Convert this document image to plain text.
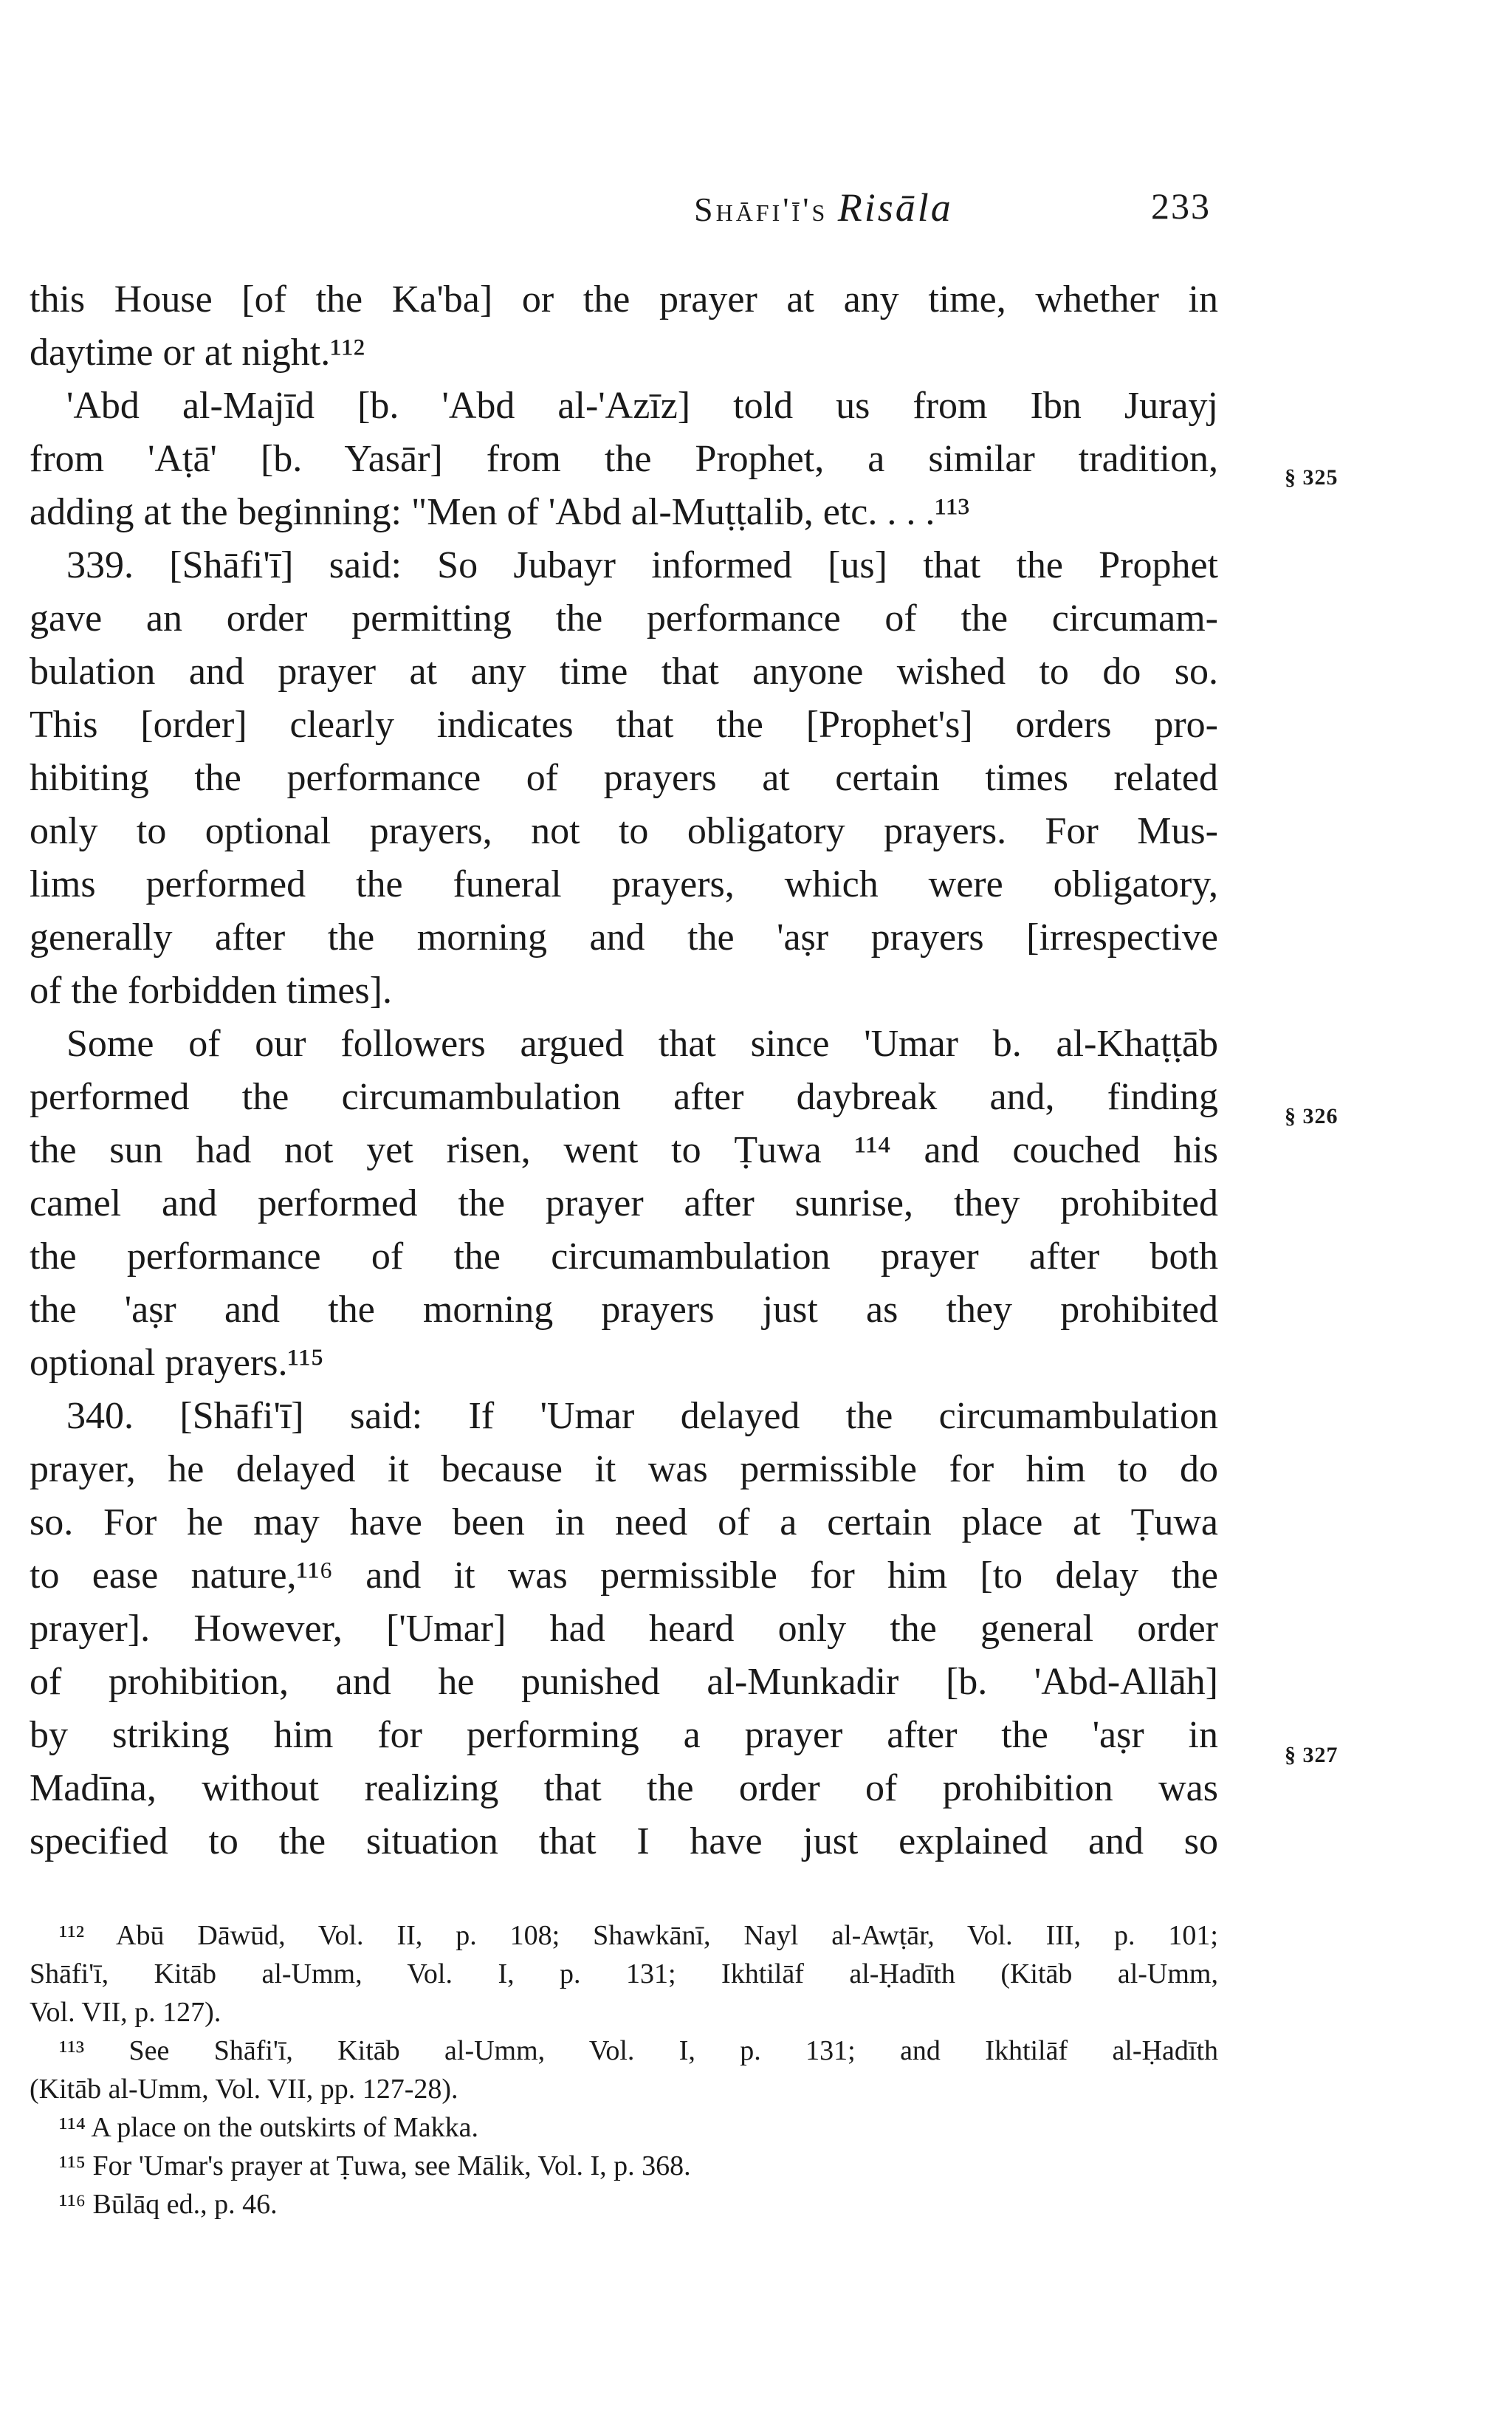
Shāfi'ī's Risāla	233
this House [of the Ka'ba] or the prayer at any time, whether in
daytime or at night.¹¹²
'Abd al-Majīd [b. 'Abd al-'Azīz] told us from Ibn Jurayj
from 'Aṭā' [b. Yasār] from the Prophet, a similar tradition,
adding at the beginning: "Men of 'Abd al-Muṭṭalib, etc. . . .¹¹³
339. [Shāfi'ī] said: So Jubayr informed [us] that the Prophet
gave an order permitting the performance of the circumam-
bulation and prayer at any time that anyone wished to do so.
This [order] clearly indicates that the [Prophet's] orders pro-
hibiting the performance of prayers at certain times related
only to optional prayers, not to obligatory prayers. For Mus-
lims performed the funeral prayers, which were obligatory,
generally after the morning and the 'aṣr prayers [irrespective
of the forbidden times].
Some of our followers argued that since 'Umar b. al-Khaṭṭāb
performed the circumambulation after daybreak and, finding
the sun had not yet risen, went to Ṭuwa ¹¹⁴ and couched his
camel and performed the prayer after sunrise, they prohibited
the performance of the circumambulation prayer after both
the 'aṣr and the morning prayers just as they prohibited
optional prayers.¹¹⁵
340. [Shāfi'ī] said: If 'Umar delayed the circumambulation
prayer, he delayed it because it was permissible for him to do
so. For he may have been in need of a certain place at Ṭuwa
to ease nature,¹¹⁶ and it was permissible for him [to delay the
prayer]. However, ['Umar] had heard only the general order
of prohibition, and he punished al-Munkadir [b. 'Abd-Allāh]
by striking him for performing a prayer after the 'aṣr in
Madīna, without realizing that the order of prohibition was
specified to the situation that I have just explained and so
§ 325
§ 326
§ 327
¹¹² Abū Dāwūd, Vol. II, p. 108; Shawkānī, Nayl al-Awṭār, Vol. III, p. 101;
Shāfi'ī, Kitāb al-Umm, Vol. I, p. 131; Ikhtilāf al-Ḥadīth (Kitāb al-Umm,
Vol. VII, p. 127).
¹¹³ See Shāfi'ī, Kitāb al-Umm, Vol. I, p. 131; and Ikhtilāf al-Ḥadīth
(Kitāb al-Umm, Vol. VII, pp. 127-28).
¹¹⁴ A place on the outskirts of Makka.
¹¹⁵ For 'Umar's prayer at Ṭuwa, see Mālik, Vol. I, p. 368.
¹¹⁶ Būlāq ed., p. 46.
